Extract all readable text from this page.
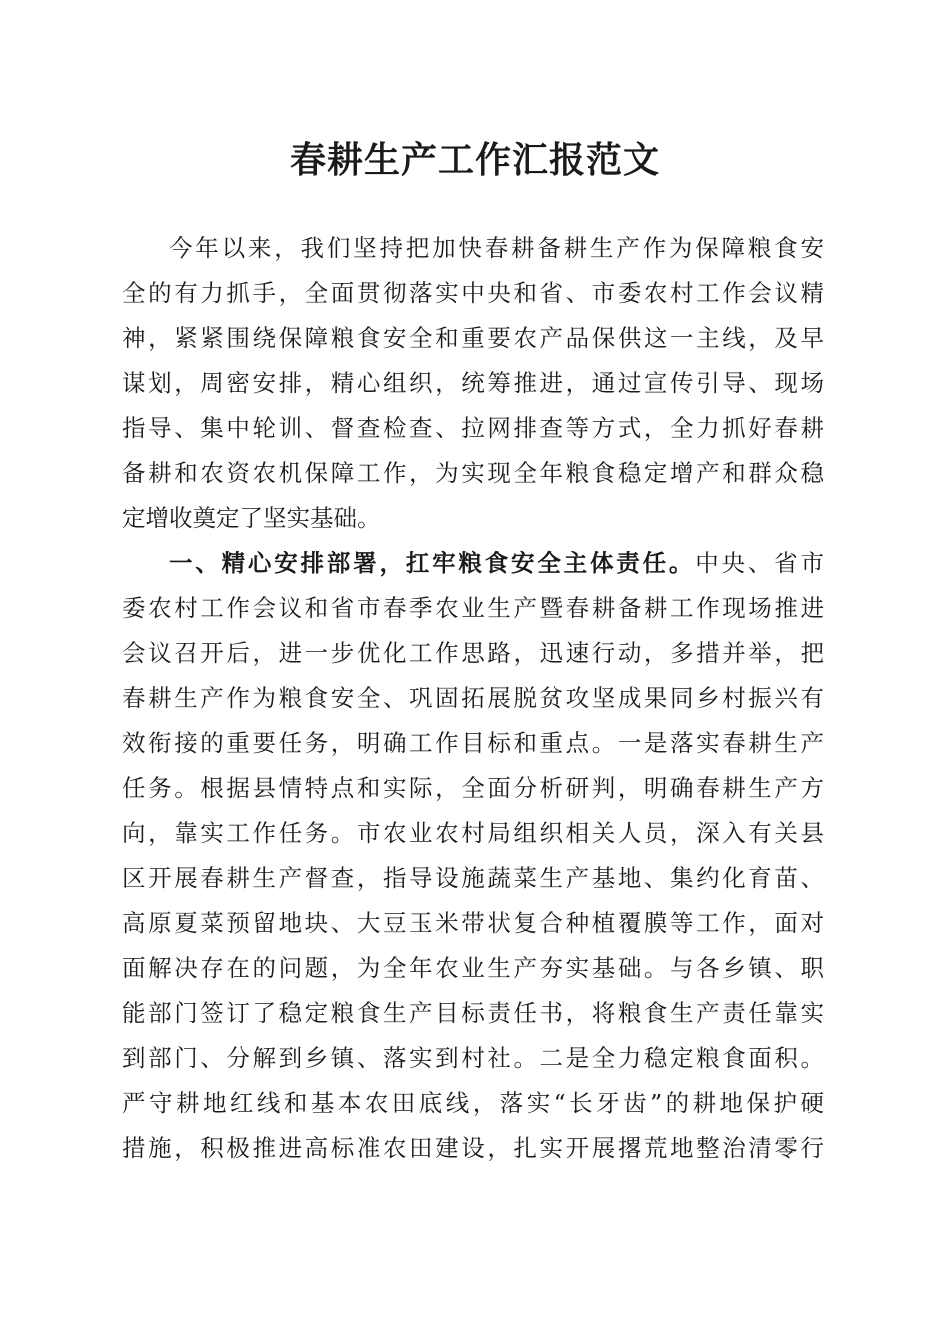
春耕生产工作汇报范文
今年以来，我们坚持把加快春耕备耕生产作为保障粮食安
全的有力抓手，全面贯彻落实中央和省、市委农村工作会议精
神，紧紧围绕保障粮食安全和重要农产品保供这一主线，及早
谋划，周密安排，精心组织，统筹推进，通过宣传引导、现场
指导、集中轮训、督查检查、拉网排查等方式，全力抓好春耕
备耕和农资农机保障工作，为实现全年粮食稳定增产和群众稳
定增收奠定了坚实基础。
一、精心安排部署，扛牢粮食安全主体责任。中央、省市
委农村工作会议和省市春季农业生产暨春耕备耕工作现场推进
会议召开后，进一步优化工作思路，迅速行动，多措并举，把
春耕生产作为粮食安全、巩固拓展脱贫攻坚成果同乡村振兴有
效衔接的重要任务，明确工作目标和重点。一是落实春耕生产
任务。根据县情特点和实际，全面分析研判，明确春耕生产方
向，靠实工作任务。市农业农村局组织相关人员，深入有关县
区开展春耕生产督查，指导设施蔬菜生产基地、集约化育苗、
高原夏菜预留地块、大豆玉米带状复合种植覆膜等工作，面对
面解决存在的问题，为全年农业生产夯实基础。与各乡镇、职
能部门签订了稳定粮食生产目标责任书，将粮食生产责任靠实
到部门、分解到乡镇、落实到村社。二是全力稳定粮食面积。
严守耕地红线和基本农田底线，落实“长牙齿”的耕地保护硬
措施，积极推进高标准农田建设，扎实开展撂荒地整治清零行
